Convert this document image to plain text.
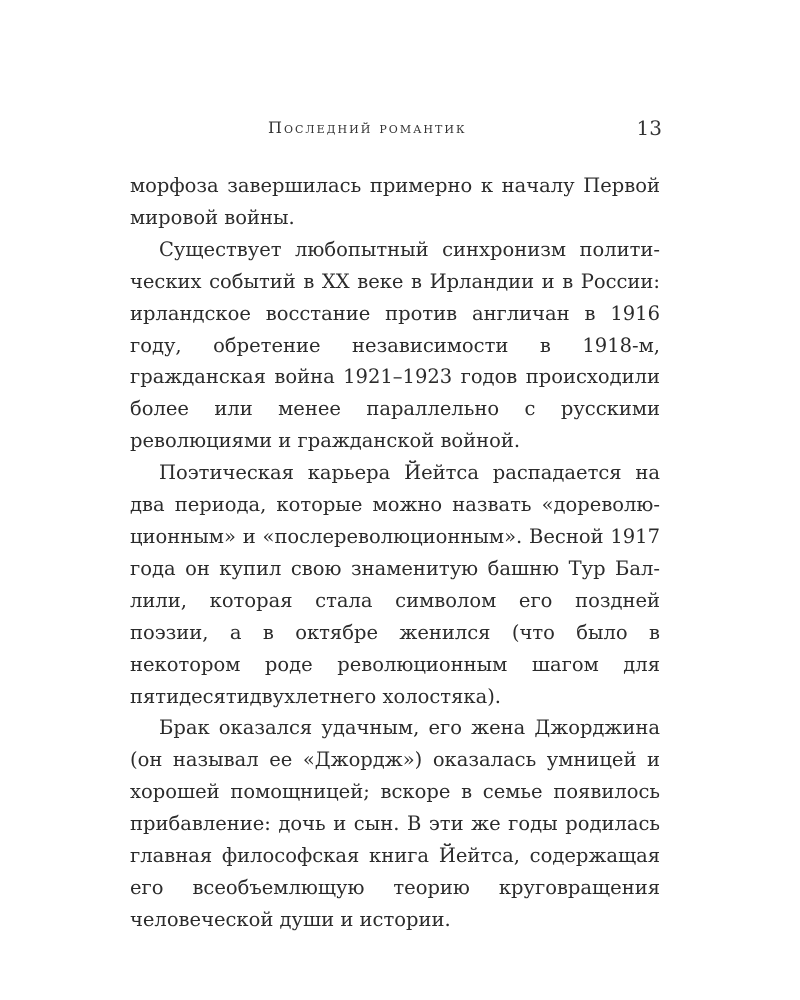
Последний романтик	13

морфоза завершилась примерно к началу Первой мировой войны.

Существует любопытный синхронизм политических событий в XX веке в Ирландии и в России: ирландское восстание против англичан в 1916 году, обретение независимости в 1918-м, гражданская война 1921–1923 годов происходили более или менее параллельно с русскими революциями и гражданской войной.

Поэтическая карьера Йейтса распадается на два периода, которые можно назвать «дореволюционным» и «послереволюционным». Весной 1917 года он купил свою знаменитую башню Тур Баллили, которая стала символом его поздней поэзии, а в октябре женился (что было в некотором роде революционным шагом для пятидесятидвухлетнего холостяка).

Брак оказался удачным, его жена Джорджина (он называл ее «Джордж») оказалась умницей и хорошей помощницей; вскоре в семье появилось прибавление: дочь и сын. В эти же годы родилась главная философская книга Йейтса, содержащая его всеобъемлющую теорию круговращения человеческой души и истории.
